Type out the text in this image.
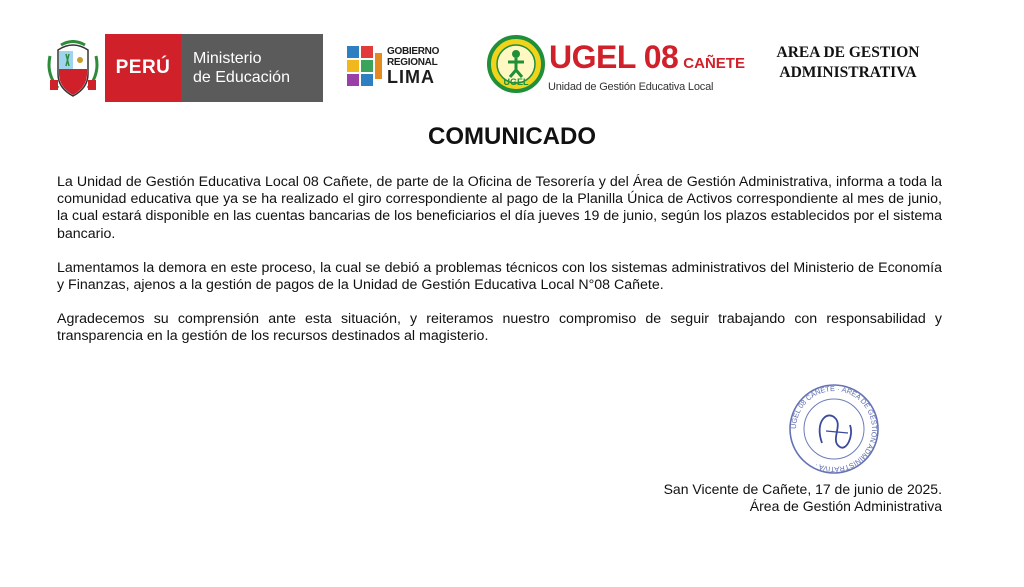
PERÚ	Ministerio
de Educación
GOBIERNO
REGIONAL
LIMA	UGEL
UGEL 08 CAÑETE
Unidad de Gestión Educativa Local
AREA DE GESTION
ADMINISTRATIVA
COMUNICADO

La Unidad de Gestión Educativa Local 08 Cañete, de parte de la Oficina de Tesorería y del Área de Gestión Administrativa, informa a toda la comunidad educativa que ya se ha realizado el giro correspondiente al pago de la Planilla Única de Activos correspondiente al mes de junio, la cual estará disponible en las cuentas bancarias de los beneficiarios el día jueves 19 de junio, según los plazos establecidos por el sistema bancario.

Lamentamos la demora en este proceso, la cual se debió a problemas técnicos con los sistemas administrativos del Ministerio de Economía y Finanzas, ajenos a la gestión de pagos de la Unidad de Gestión Educativa Local N°08 Cañete.

Agradecemos su comprensión ante esta situación, y reiteramos nuestro compromiso de seguir trabajando con responsabilidad y transparencia en la gestión de los recursos destinados al magisterio.

UGEL 08 CAÑETE · ÁREA DE GESTIÓN ADMINISTRATIVA ·
San Vicente de Cañete, 17 de junio de 2025.
Área de Gestión Administrativa
